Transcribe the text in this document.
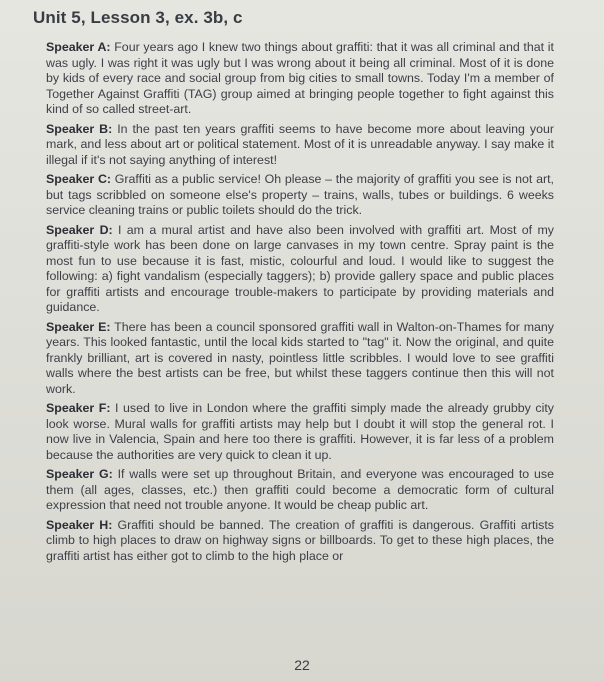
Unit 5, Lesson 3, ex. 3b, c

Speaker A: Four years ago I knew two things about graffiti: that it was all criminal and that it was ugly. I was right it was ugly but I was wrong about it being all criminal. Most of it is done by kids of every race and social group from big cities to small towns. Today I'm a member of Together Against Graffiti (TAG) group aimed at bringing people together to fight against this kind of so called street-art.

Speaker B: In the past ten years graffiti seems to have become more about leaving your mark, and less about art or political statement. Most of it is unreadable anyway. I say make it illegal if it's not saying anything of interest!

Speaker C: Graffiti as a public service! Oh please – the majority of graffiti you see is not art, but tags scribbled on someone else's property – trains, walls, tubes or buildings. 6 weeks service cleaning trains or public toilets should do the trick.

Speaker D: I am a mural artist and have also been involved with graffiti art. Most of my graffiti-style work has been done on large canvases in my town centre. Spray paint is the most fun to use because it is fast, mistic, colourful and loud. I would like to suggest the following: a) fight vandalism (especially taggers); b) provide gallery space and public places for graffiti artists and encourage trouble-makers to participate by providing materials and guidance.

Speaker E: There has been a council sponsored graffiti wall in Walton-on-Thames for many years. This looked fantastic, until the local kids started to "tag" it. Now the original, and quite frankly brilliant, art is covered in nasty, pointless little scribbles. I would love to see graffiti walls where the best artists can be free, but whilst these taggers continue then this will not work.

Speaker F: I used to live in London where the graffiti simply made the already grubby city look worse. Mural walls for graffiti artists may help but I doubt it will stop the general rot. I now live in Valencia, Spain and here too there is graffiti. However, it is far less of a problem because the authorities are very quick to clean it up.

Speaker G: If walls were set up throughout Britain, and everyone was encouraged to use them (all ages, classes, etc.) then graffiti could become a democratic form of cultural expression that need not trouble anyone. It would be cheap public art.

Speaker H: Graffiti should be banned. The creation of graffiti is dangerous. Graffiti artists climb to high places to draw on highway signs or billboards. To get to these high places, the graffiti artist has either got to climb to the high place or

22
